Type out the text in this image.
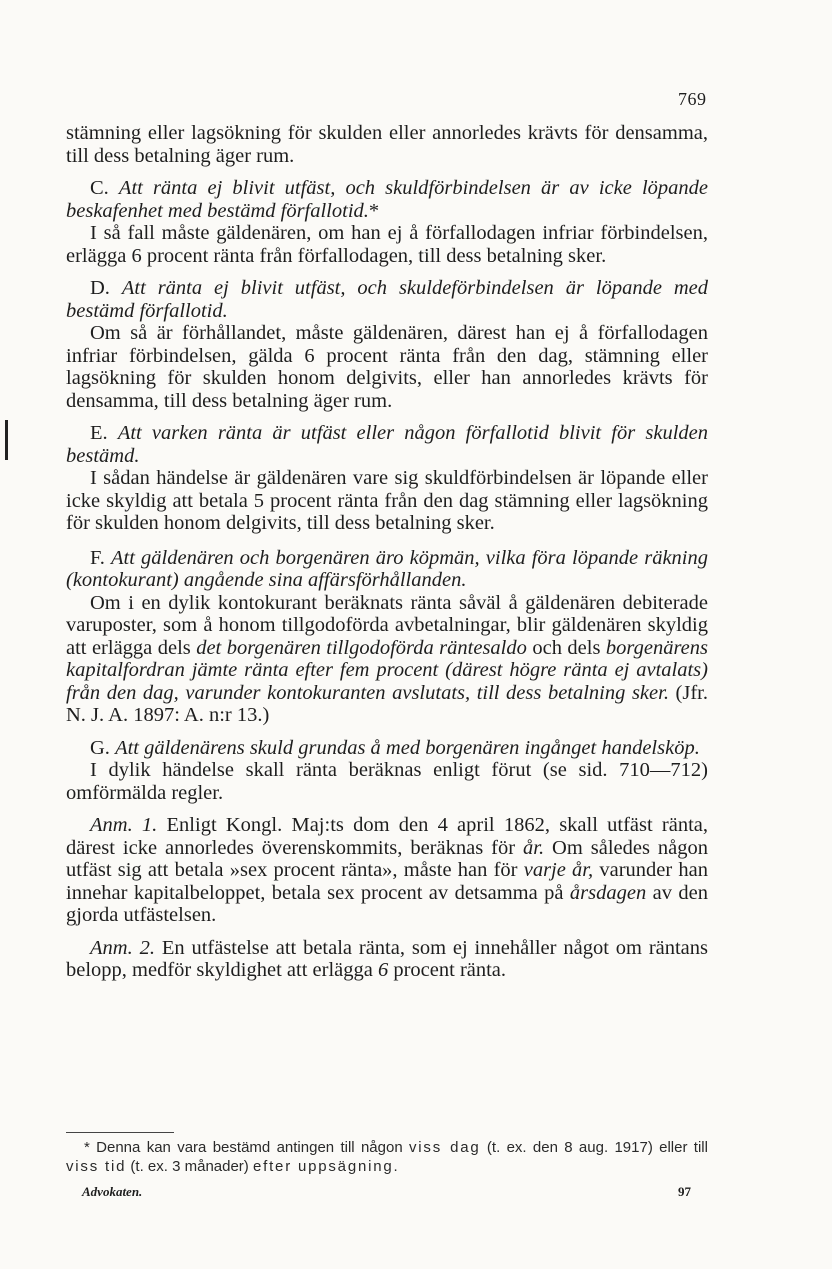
769

stämning eller lagsökning för skulden eller annorledes krävts för densamma, till dess betalning äger rum.

C. Att ränta ej blivit utfäst, och skuldförbindelsen är av icke löpande beskafenhet med bestämd förfallotid.*

I så fall måste gäldenären, om han ej å förfallodagen infriar förbindelsen, erlägga 6 procent ränta från förfallodagen, till dess betalning sker.

D. Att ränta ej blivit utfäst, och skuldeförbindelsen är löpande med bestämd förfallotid.

Om så är förhållandet, måste gäldenären, därest han ej å förfallodagen infriar förbindelsen, gälda 6 procent ränta från den dag, stämning eller lagsökning för skulden honom delgivits, eller han annorledes krävts för densamma, till dess betalning äger rum.

E. Att varken ränta är utfäst eller någon förfallotid blivit för skulden bestämd.

I sådan händelse är gäldenären vare sig skuldförbindelsen är löpande eller icke skyldig att betala 5 procent ränta från den dag stämning eller lagsökning för skulden honom delgivits, till dess betalning sker.

F. Att gäldenären och borgenären äro köpmän, vilka föra löpande räkning (kontokurant) angående sina affärsförhållanden.

Om i en dylik kontokurant beräknats ränta såväl å gäldenären debiterade varuposter, som å honom tillgodoförda avbetalningar, blir gäldenären skyldig att erlägga dels det borgenären tillgodoförda räntesaldo och dels borgenärens kapitalfordran jämte ränta efter fem procent (därest högre ränta ej avtalats) från den dag, varunder kontokuranten avslutats, till dess betalning sker. (Jfr. N. J. A. 1897: A. n:r 13.)

G. Att gäldenärens skuld grundas å med borgenären ingånget handelsköp.

I dylik händelse skall ränta beräknas enligt förut (se sid. 710—712) omförmälda regler.

Anm. 1. Enligt Kongl. Maj:ts dom den 4 april 1862, skall utfäst ränta, därest icke annorledes överenskommits, beräknas för år. Om således någon utfäst sig att betala »sex procent ränta», måste han för varje år, varunder han innehar kapitalbeloppet, betala sex procent av detsamma på årsdagen av den gjorda utfästelsen.

Anm. 2. En utfästelse att betala ränta, som ej innehåller något om räntans belopp, medför skyldighet att erlägga 6 procent ränta.

* Denna kan vara bestämd antingen till någon viss dag (t. ex. den 8 aug. 1917) eller till viss tid (t. ex. 3 månader) efter uppsägning.
Advokaten.	97
